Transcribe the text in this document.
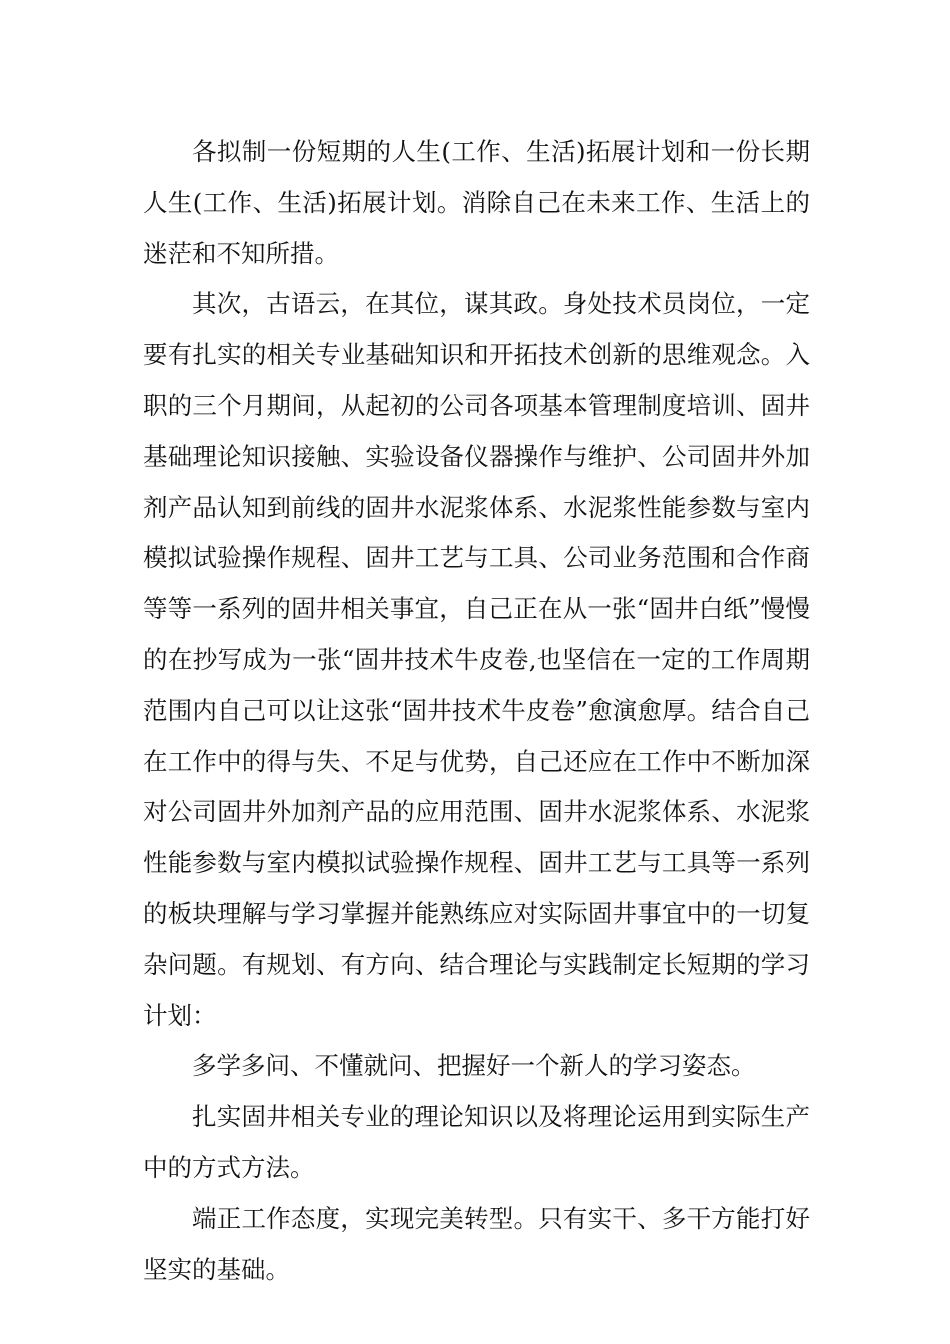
各拟制一份短期的人生(工作、生活)拓展计划和一份长期人生(工作、生活)拓展计划。消除自己在未来工作、生活上的迷茫和不知所措。

其次，古语云，在其位，谋其政。身处技术员岗位，一定要有扎实的相关专业基础知识和开拓技术创新的思维观念。入职的三个月期间，从起初的公司各项基本管理制度培训、固井基础理论知识接触、实验设备仪器操作与维护、公司固井外加剂产品认知到前线的固井水泥浆体系、水泥浆性能参数与室内模拟试验操作规程、固井工艺与工具、公司业务范围和合作商等等一系列的固井相关事宜，自己正在从一张“固井白纸”慢慢的在抄写成为一张“固井技术牛皮卷,也坚信在一定的工作周期范围内自己可以让这张“固井技术牛皮卷”愈演愈厚。结合自己在工作中的得与失、不足与优势，自己还应在工作中不断加深对公司固井外加剂产品的应用范围、固井水泥浆体系、水泥浆性能参数与室内模拟试验操作规程、固井工艺与工具等一系列的板块理解与学习掌握并能熟练应对实际固井事宜中的一切复杂问题。有规划、有方向、结合理论与实践制定长短期的学习计划：

多学多问、不懂就问、把握好一个新人的学习姿态。

扎实固井相关专业的理论知识以及将理论运用到实际生产中的方式方法。

端正工作态度，实现完美转型。只有实干、多干方能打好坚实的基础。
